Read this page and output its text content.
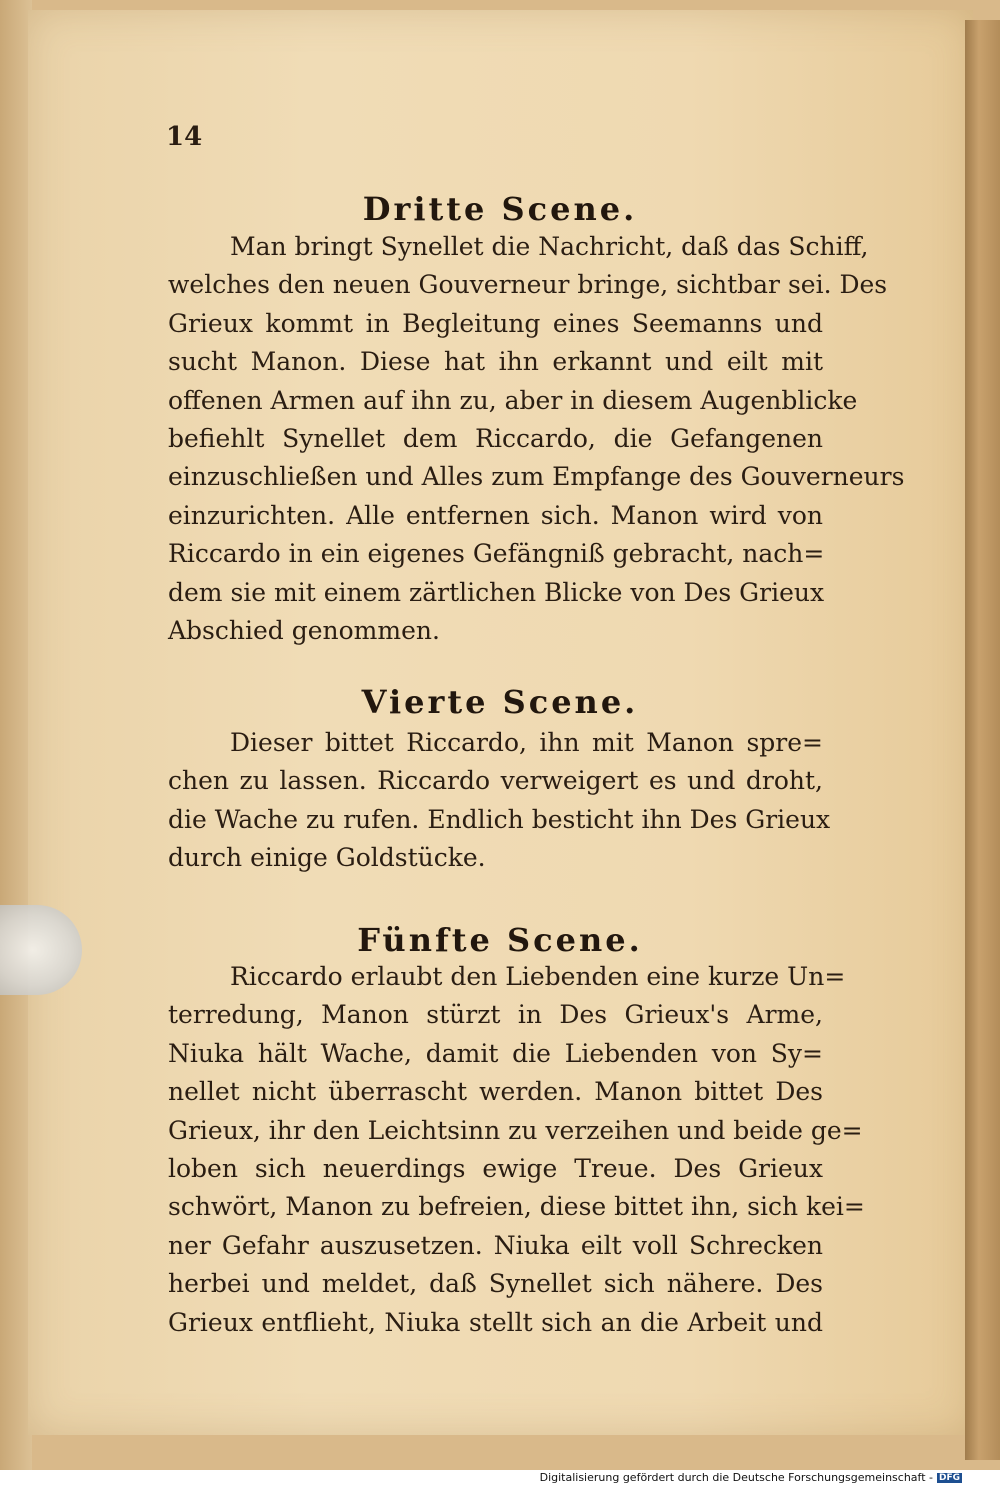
14
Dritte Scene.
Man bringt Synellet die Nachricht, daß das Schiff,
welches den neuen Gouverneur bringe, sichtbar sei. Des
Grieux kommt in Begleitung eines Seemanns und
sucht Manon. Diese hat ihn erkannt und eilt mit
offenen Armen auf ihn zu, aber in diesem Augenblicke
befiehlt Synellet dem Riccardo, die Gefangenen
einzuschließen und Alles zum Empfange des Gouverneurs
einzurichten. Alle entfernen sich. Manon wird von
Riccardo in ein eigenes Gefängniß gebracht, nach=
dem sie mit einem zärtlichen Blicke von Des Grieux
Abschied genommen.
Vierte Scene.
Dieser bittet Riccardo, ihn mit Manon spre=
chen zu lassen. Riccardo verweigert es und droht,
die Wache zu rufen. Endlich besticht ihn Des Grieux
durch einige Goldstücke.
Fünfte Scene.
Riccardo erlaubt den Liebenden eine kurze Un=
terredung, Manon stürzt in Des Grieux's Arme,
Niuka hält Wache, damit die Liebenden von Sy=
nellet nicht überrascht werden. Manon bittet Des
Grieux, ihr den Leichtsinn zu verzeihen und beide ge=
loben sich neuerdings ewige Treue. Des Grieux
schwört, Manon zu befreien, diese bittet ihn, sich kei=
ner Gefahr auszusetzen. Niuka eilt voll Schrecken
herbei und meldet, daß Synellet sich nähere. Des
Grieux entflieht, Niuka stellt sich an die Arbeit und
Digitalisierung gefördert durch die Deutsche Forschungsgemeinschaft - DFG
